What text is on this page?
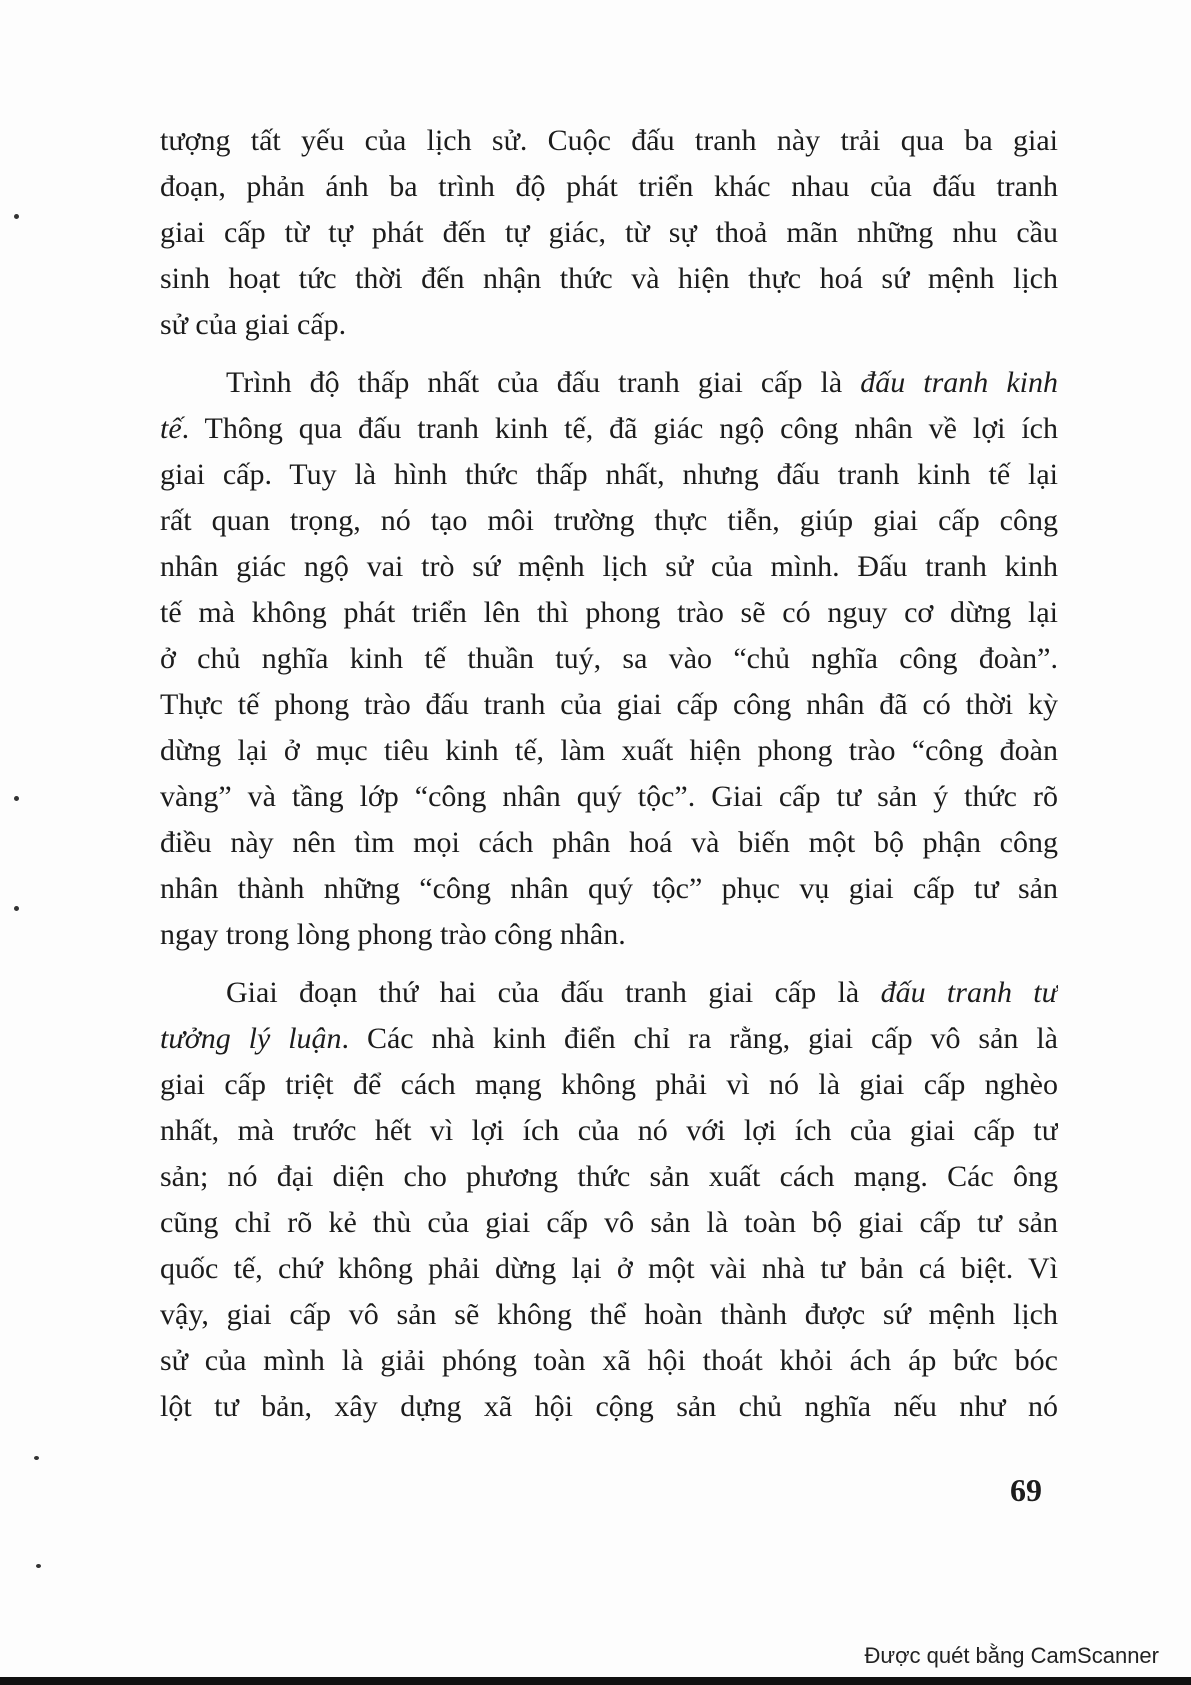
tượng tất yếu của lịch sử. Cuộc đấu tranh này trải qua ba giai
đoạn, phản ánh ba trình độ phát triển khác nhau của đấu tranh
giai cấp từ tự phát đến tự giác, từ sự thoả mãn những nhu cầu
sinh hoạt tức thời đến nhận thức và hiện thực hoá sứ mệnh lịch
sử của giai cấp.
Trình độ thấp nhất của đấu tranh giai cấp là đấu tranh kinh
tế. Thông qua đấu tranh kinh tế, đã giác ngộ công nhân về lợi ích
giai cấp. Tuy là hình thức thấp nhất, nhưng đấu tranh kinh tế lại
rất quan trọng, nó tạo môi trường thực tiễn, giúp giai cấp công
nhân giác ngộ vai trò sứ mệnh lịch sử của mình. Đấu tranh kinh
tế mà không phát triển lên thì phong trào sẽ có nguy cơ dừng lại
ở chủ nghĩa kinh tế thuần tuý, sa vào “chủ nghĩa công đoàn”.
Thực tế phong trào đấu tranh của giai cấp công nhân đã có thời kỳ
dừng lại ở mục tiêu kinh tế, làm xuất hiện phong trào “công đoàn
vàng” và tầng lớp “công nhân quý tộc”. Giai cấp tư sản ý thức rõ
điều này nên tìm mọi cách phân hoá và biến một bộ phận công
nhân thành những “công nhân quý tộc” phục vụ giai cấp tư sản
ngay trong lòng phong trào công nhân.
Giai đoạn thứ hai của đấu tranh giai cấp là đấu tranh tư
tưởng lý luận. Các nhà kinh điển chỉ ra rằng, giai cấp vô sản là
giai cấp triệt để cách mạng không phải vì nó là giai cấp nghèo
nhất, mà trước hết vì lợi ích của nó với lợi ích của giai cấp tư
sản; nó đại diện cho phương thức sản xuất cách mạng. Các ông
cũng chỉ rõ kẻ thù của giai cấp vô sản là toàn bộ giai cấp tư sản
quốc tế, chứ không phải dừng lại ở một vài nhà tư bản cá biệt. Vì
vậy, giai cấp vô sản sẽ không thể hoàn thành được sứ mệnh lịch
sử của mình là giải phóng toàn xã hội thoát khỏi ách áp bức bóc
lột tư bản, xây dựng xã hội cộng sản chủ nghĩa nếu như nó
69
Được quét bằng CamScanner
